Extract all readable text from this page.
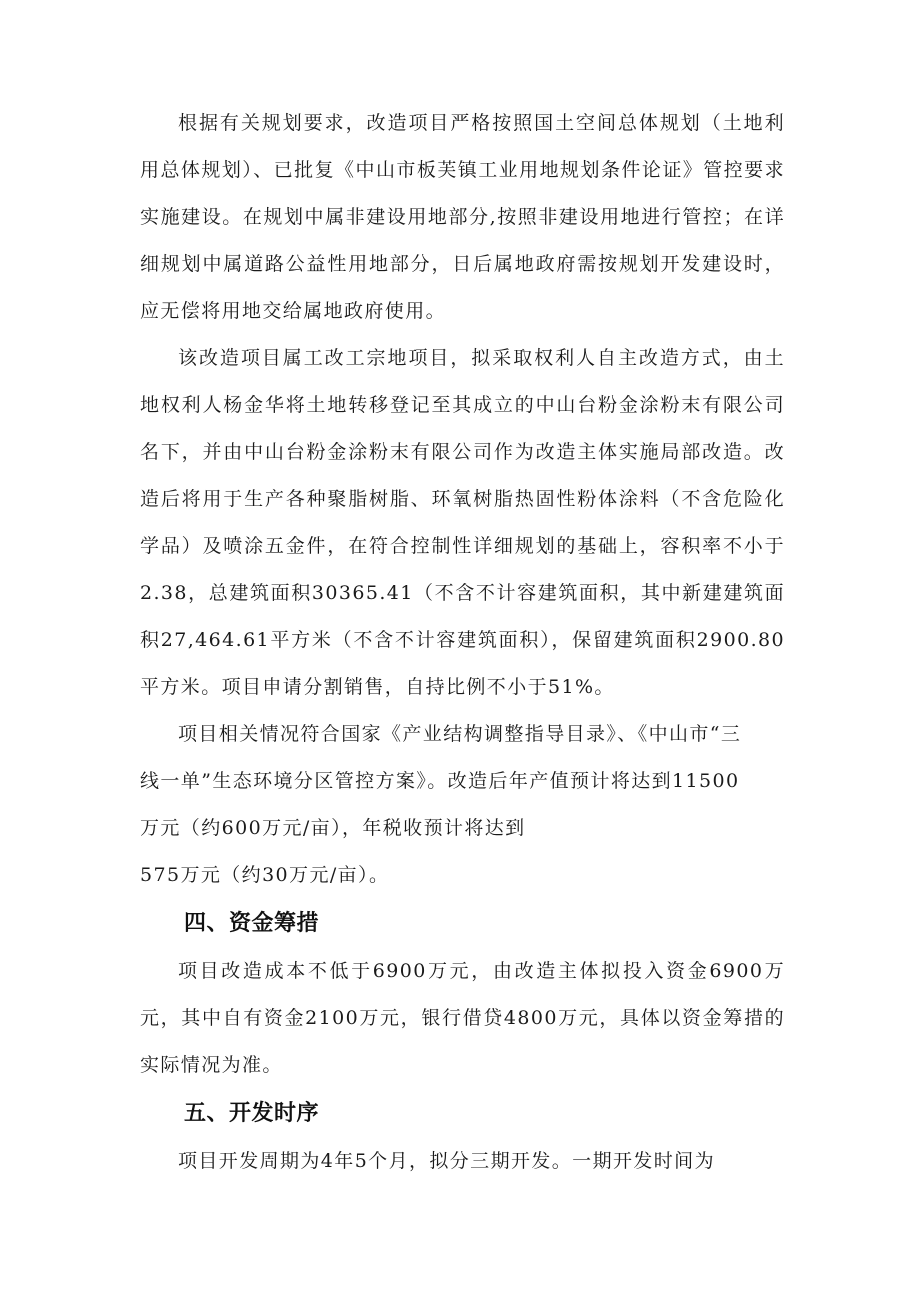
根据有关规划要求，改造项目严格按照国土空间总体规划（土地利用总体规划）、已批复《中山市板芙镇工业用地规划条件论证》管控要求实施建设。在规划中属非建设用地部分,按照非建设用地进行管控；在详细规划中属道路公益性用地部分，日后属地政府需按规划开发建设时，应无偿将用地交给属地政府使用。

该改造项目属工改工宗地项目，拟采取权利人自主改造方式，由土地权利人杨金华将土地转移登记至其成立的中山台粉金涂粉末有限公司名下，并由中山台粉金涂粉末有限公司作为改造主体实施局部改造。改造后将用于生产各种聚脂树脂、环氧树脂热固性粉体涂料（不含危险化学品）及喷涂五金件，在符合控制性详细规划的基础上，容积率不小于2.38，总建筑面积30365.41（不含不计容建筑面积，其中新建建筑面积27,464.61平方米（不含不计容建筑面积），保留建筑面积2900.80平方米。项目申请分割销售，自持比例不小于51%。

项目相关情况符合国家《产业结构调整指导目录》、《中山市“三

线一单”生态环境分区管控方案》。改造后年产值预计将达到11500

万元（约600万元/亩），年税收预计将达到

575万元（约30万元/亩）。

四、资金筹措

项目改造成本不低于6900万元，由改造主体拟投入资金6900万元，其中自有资金2100万元，银行借贷4800万元，具体以资金筹措的实际情况为准。

五、开发时序

项目开发周期为4年5个月，拟分三期开发。一期开发时间为
